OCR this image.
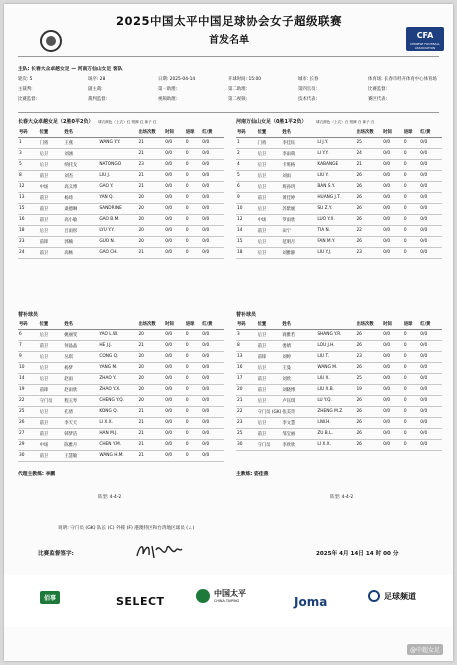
2025中国太平中国足球协会女子超级联赛
首发名单	CFA
CHINESE FOOTBALL ASSOCIATION
主队: 长春大众卓越女足 — 河南万仙山女足 客队
轮次: 5	场序: 28	日期: 2025-04-14	开球时间: 15:00	城市: 长春	体育场: 长春市经开体育中心体育场
主裁判:	副主裁:	第一助理:	第二助理:	第四官员:	比赛监督:
比赛监督:	裁判监督:	视频助理:	第二视频:	技术代表:	赛区代表:
长春大众卓越女足（2胜0平2负） 球衣颜色（上衣）红 短裤 红 袜子 红	河南万仙山女足（0胜1平2负）	球衣颜色（上衣）白 短裤 白 袜子 白
号码	位置	姓名		出场次数	时间	进球	红/黄
1	门将	王燕	WANG Y.Y.	21	0/0	0	0/0
3	后卫	刘涵		21	0/0	0	0/0
5	后卫	纳托戈	NATONGO	23	0/0	0	0/0
8	前卫	刘杰	LIU J.	21	0/0	0	0/0
12	中场	高义博	GAO Y.	21	0/0	0	0/0
13	前卫	杨琦	YAN Q.	20	0/0	0	0/0
15	前卫	桑德琳	SANDRINE	20	0/0	0	0/0
16	前卫	高小敏	GAO B.M.	20	0/0	0	0/0
18	后卫	吕雨彤	LYU Y.Y.	20	0/0	0	0/0
23	前锋	郭楠	GUO N.	20	0/0	0	0/0
24	前卫	高畅	GAO CH.	21	0/0	0	0/0
号码	位置	姓名		出场次数	时间	进球	红/黄
1	门将	李佳钰	LI J.Y.	25	0/0	0	0/0
2	后卫	李雨萌	LI Y.Y.	24	0/0	0	0/0
4	后卫	卡班格	KABANGE	21	0/0	0	0/0
5	后卫	刘雨	LIU Y.	26	0/0	0	0/0
6	后卫	班孙玥	BAN S.Y.	26	0/0	0	0/0
9	前卫	黄佳婷	HUANG J.T.	26	0/0	0	0/0
10	后卫	苏紫媛	SU Z.Y.	26	0/0	0	0/0
12	中场	罗雨欣	LUO Y.X.	26	0/0	0	0/0
14	前卫	田宁	TIA N.	22	0/0	0	0/0
15	后卫	范明月	FAN M.Y.	26	0/0	0	0/0
18	后卫	刘雅静	LIU Y.J.	23	0/0	0	0/0
替补球员	替补球员
号码	位置	姓名		出场次数	时间	进球	红/黄
6	后卫	姚丽雯	YAO L.W.	20	0/0	0	0/0
7	前卫	何晶晶	HE J.J.	21	0/0	0	0/0
9	后卫	丛琪	CONG Q.	20	0/0	0	0/0
10	后卫	杨梦	YANG M.	20	0/0	0	0/0
14	后卫	赵雨	ZHAO Y.	20	0/0	0	0/0
19	前锋	赵雨欣	ZHAO Y.X.	20	0/0	0	0/0
22	守门员	程玉琴	CHENG Y.Q.	20	0/0	0	0/0
25	后卫	孔倩	KONG Q.	21	0/0	0	0/0
26	前卫	李天天	LI X.X.	21	0/0	0	0/0
27	前卫	韩梦洁	HAN M.J.	21	0/0	0	0/0
29	中场	陈雅月	CHEN Y.M.	21	0/0	0	0/0
30	前卫	王慧敏	WANG H.M.	21	0/0	0	0/0
号码	位置	姓名		出场次数	时间	进球	红/黄
3	后卫	商雅若	SHANG Y.R.	26	0/0	0	0/0
8	前卫	娄婧	LOU J.H.	26	0/0	0	0/0
13	前锋	刘婷	LIU T.	23	0/0	0	0/0
16	后卫	王曼	WANG M.	26	0/0	0	0/0
17	前卫	刘欣	LIU X.	25	0/0	0	0/0
20	前卫	刘晓博	LIU X.B.	19	0/0	0	0/0
21	后卫	卢钰琪	LU Y.Q.	26	0/0	0	0/0
22	守门员 (GK)	张美奇	ZHENG M.Z.	26	0/0	0	0/0
23	后卫	李文慧	LIW.H.	26	0/0	0	0/0
25	前卫	邹宝丽	ZU B.L.	26	0/0	0	0/0
30	守门员	李欣欣	LI X.X.	26	0/0	0	0/0
代理主教练: 李鹏	主教练: 姿佳燕
阵型: 4-4-2	阵型: 4-4-2
说明: 守门员 (GK) 队长 (C) 外援 (F) 港澳特区和台湾地区球员 (ㄥ)
比赛监督签字:	2025年 4月 14日 14 时 00 分
佰事	SELECT
中国太平
CHINA TAIPING	Joma	足球频道
@中超女足
